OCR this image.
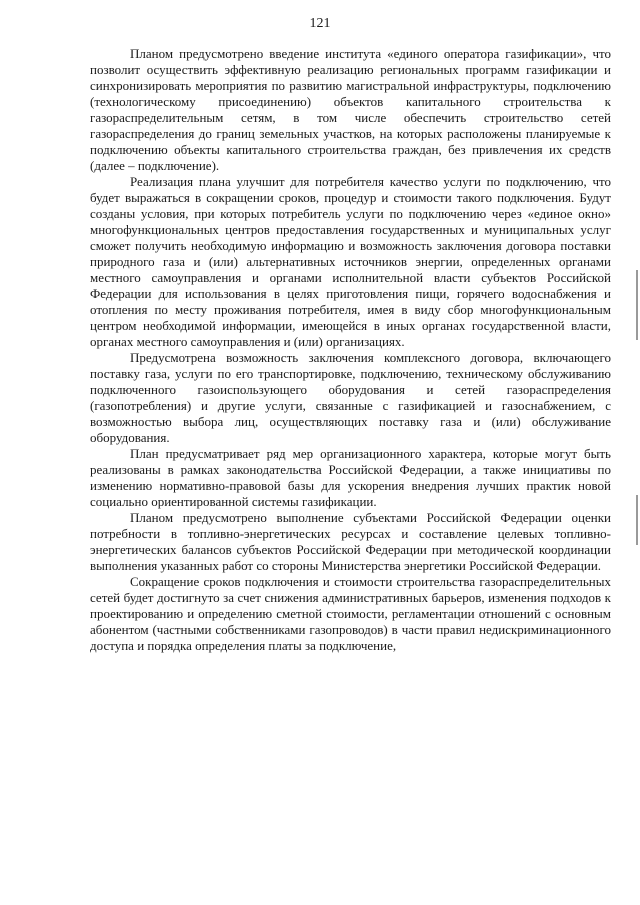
121

Планом предусмотрено введение института «единого оператора газификации», что позволит осуществить эффективную реализацию региональных программ газификации и синхронизировать мероприятия по развитию магистральной инфраструктуры, подключению (технологическому присоединению) объектов капитального строительства к газораспределительным сетям, в том числе обеспечить строительство сетей газораспределения до границ земельных участков, на которых расположены планируемые к подключению объекты капитального строительства граждан, без привлечения их средств (далее – подключение).

Реализация плана улучшит для потребителя качество услуги по подключению, что будет выражаться в сокращении сроков, процедур и стоимости такого подключения. Будут созданы условия, при которых потребитель услуги по подключению через «единое окно» многофункциональных центров предоставления государственных и муниципальных услуг сможет получить необходимую информацию и возможность заключения договора поставки природного газа и (или) альтернативных источников энергии, определенных органами местного самоуправления и органами исполнительной власти субъектов Российской Федерации для использования в целях приготовления пищи, горячего водоснабжения и отопления по месту проживания потребителя, имея в виду сбор многофункциональным центром необходимой информации, имеющейся в иных органах государственной власти, органах местного самоуправления и (или) организациях.

Предусмотрена возможность заключения комплексного договора, включающего поставку газа, услуги по его транспортировке, подключению, техническому обслуживанию подключенного газоиспользующего оборудования и сетей газораспределения (газопотребления) и другие услуги, связанные с газификацией и газоснабжением, с возможностью выбора лиц, осуществляющих поставку газа и (или) обслуживание оборудования.

План предусматривает ряд мер организационного характера, которые могут быть реализованы в рамках законодательства Российской Федерации, а также инициативы по изменению нормативно-правовой базы для ускорения внедрения лучших практик новой социально ориентированной системы газификации.

Планом предусмотрено выполнение субъектами Российской Федерации оценки потребности в топливно-энергетических ресурсах и составление целевых топливно-энергетических балансов субъектов Российской Федерации при методической координации выполнения указанных работ со стороны Министерства энергетики Российской Федерации.

Сокращение сроков подключения и стоимости строительства газораспределительных сетей будет достигнуто за счет снижения административных барьеров, изменения подходов к проектированию и определению сметной стоимости, регламентации отношений с основным абонентом (частными собственниками газопроводов) в части правил недискриминационного доступа и порядка определения платы за подключение,
